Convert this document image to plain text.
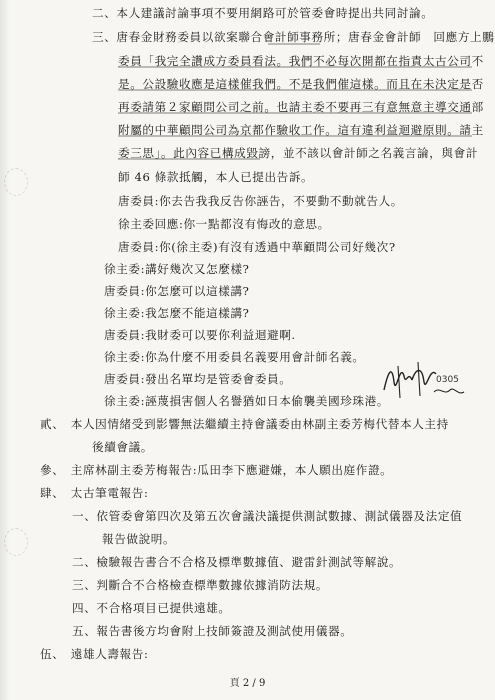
二、本人建議討論事項不要用網路可於管委會時提出共同討論。
三、唐春金財務委員以欲案聯合會計師事務所；唐春金會計師　回應方上鵬
委員「我完全讚成方委員看法。我們不必每次開都在指責太古公司不
是。公設驗收應是這樣催我們。不是我們催這樣。而且在未決定是否
再委請第２家顧問公司之前。也請主委不要再三有意無意主導交通部
附屬的中華顧問公司為京都作驗收工作。這有違利益迴避原則。請主
委三思」。此內容已構成毀謗，並不該以會計師之名義言論，與會計
師 46 條款抵觸，本人已提出告訴。
唐委員:你去告我我反告你誣告，不要動不動就告人。
徐主委回應:你一點都沒有悔改的意思。
唐委員:你(徐主委)有沒有透過中華顧問公司好幾次?
徐主委:講好幾次又怎麼樣?
唐委員:你怎麼可以這樣講?
徐主委:我怎麼不能這樣講?
唐委員:我財委可以要你利益迴避啊.
徐主委:你為什麼不用委員名義要用會計師名義。
唐委員:發出名單均是管委會委員。
徐主委:誣蔑損害個人名譽猶如日本偷襲美國珍珠港。
貳、　本人因情緒受到影響無法繼續主持會議委由林副主委芳梅代替本人主持
後續會議。
參、　主席林副主委芳梅報告:瓜田李下應避嫌，本人願出庭作證。
肆、　太古筆電報告:
一、依管委會第四次及第五次會議決議提供測試數據、測試儀器及法定值
報告做說明。
二、檢驗報告書合不合格及標準數據值、避雷針測試等解說。
三、判斷合不合格檢查標準數據依據消防法規。
四、不合格項目已提供遠雄。
五、報告書後方均會附上技師簽證及測試使用儀器。
伍、　遠雄人壽報告:
0305
頁 2 / 9
